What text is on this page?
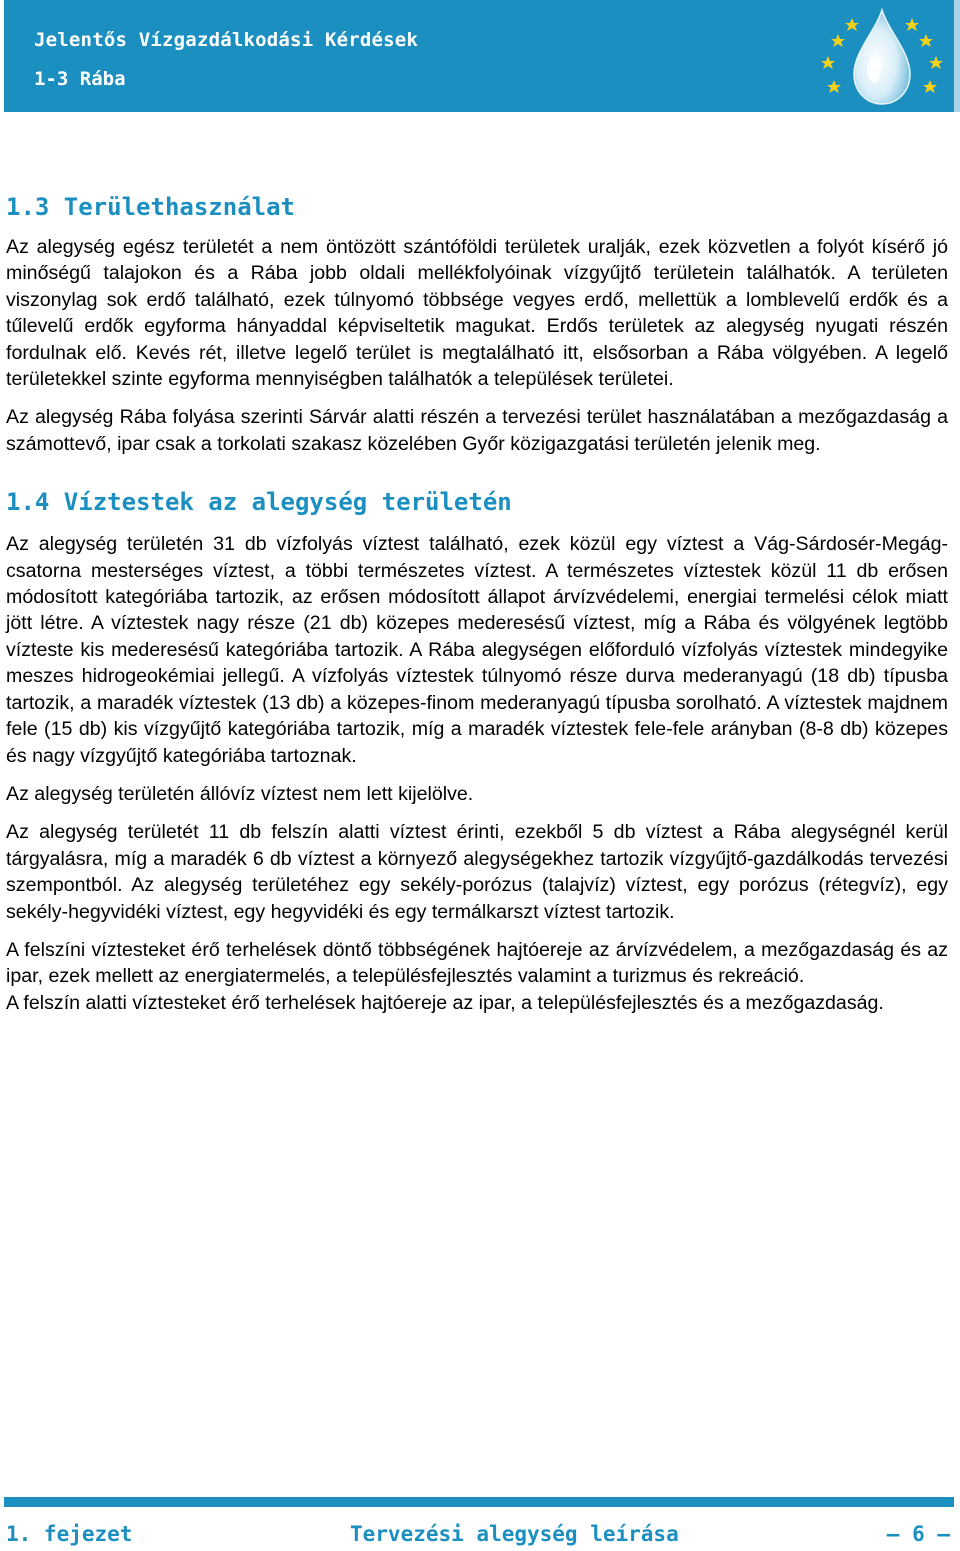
Jelentős Vízgazdálkodási Kérdések
1-3 Rába
1.3 Területhasználat

Az alegység egész területét a nem öntözött szántóföldi területek uralják, ezek közvetlen a folyót kísérő jó minőségű talajokon és a Rába jobb oldali mellékfolyóinak vízgyűjtő területein találhatók. A területen viszonylag sok erdő található, ezek túlnyomó többsége vegyes erdő, mellettük a lomblevelű erdők és a tűlevelű erdők egyforma hányaddal képviseltetik magukat. Erdős területek az alegység nyugati részén fordulnak elő. Kevés rét, illetve legelő terület is megtalálható itt, elsősorban a Rába völgyében. A legelő területekkel szinte egyforma mennyiségben találhatók a települések területei.

Az alegység Rába folyása szerinti Sárvár alatti részén a tervezési terület használatában a mezőgazdaság a számottevő, ipar csak a torkolati szakasz közelében Győr közigazgatási területén jelenik meg.

1.4 Víztestek az alegység területén

Az alegység területén 31 db vízfolyás víztest található, ezek közül egy víztest a Vág-Sárdosér-Megág-csatorna mesterséges víztest, a többi természetes víztest. A természetes víztestek közül 11 db erősen módosított kategóriába tartozik, az erősen módosított állapot árvízvédelemi, energiai termelési célok miatt jött létre. A víztestek nagy része (21 db) közepes mederesésű víztest, míg a Rába és völgyének legtöbb víztestе kis mederesésű kategóriába tartozik. A Rába alegységen előforduló vízfolyás víztestek mindegyike meszes hidrogeokémiai jellegű. A vízfolyás víztestek túlnyomó része durva mederanyagú (18 db) típusba tartozik, a maradék víztestek (13 db) a közepes-finom mederanyagú típusba sorolható. A víztestek majdnem fele (15 db) kis vízgyűjtő kategóriába tartozik, míg a maradék víztestek fele-fele arányban (8-8 db) közepes és nagy vízgyűjtő kategóriába tartoznak.

Az alegység területén állóvíz víztest nem lett kijelölve.

Az alegység területét 11 db felszín alatti víztest érinti, ezekből 5 db víztest a Rába alegységnél kerül tárgyalásra, míg a maradék 6 db víztest a környező alegységekhez tartozik vízgyűjtő-gazdálkodás tervezési szempontból. Az alegység területéhez egy sekély-porózus (talajvíz) víztest, egy porózus (rétegvíz), egy sekély-hegyvidéki víztest, egy hegyvidéki és egy termálkarszt víztest tartozik.

A felszíni víztesteket érő terhelések döntő többségének hajtóereje az árvízvédelem, a mezőgazdaság és az ipar, ezek mellett az energiatermelés, a településfejlesztés valamint a turizmus és rekreáció.

A felszín alatti víztesteket érő terhelések hajtóereje az ipar, a településfejlesztés és a mezőgazdaság.

1. fejezet	Tervezési alegység leírása	– 6 –
